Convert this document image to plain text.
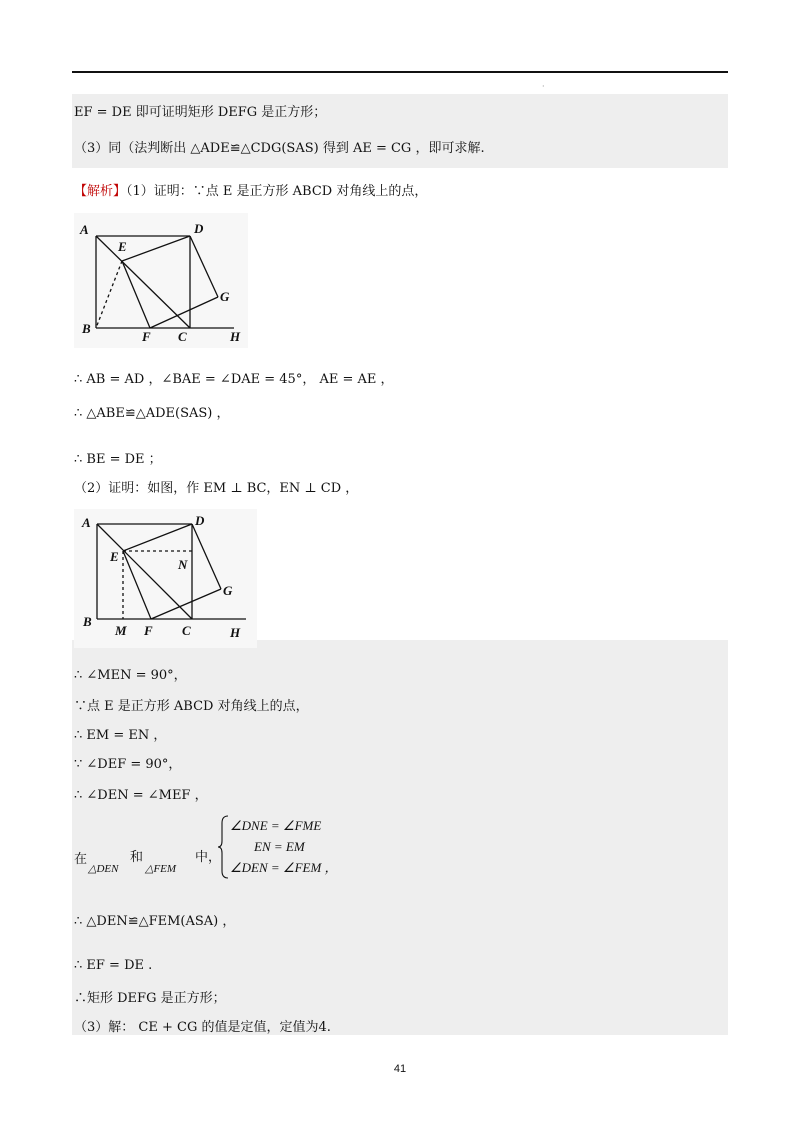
·
EF = DE 即可证明矩形 DEFG 是正方形；
（3）同（法判断出 △ADE≌△CDG(SAS) 得到 AE = CG ，即可求解.
【解析】（1）证明：∵点 E 是正方形 ABCD 对角线上的点，
A
E
D
G
B
F C	H
∴ AB = AD ，∠BAE = ∠DAE = 45°， AE = AE ，
∴ △ABE≌△ADE(SAS) ，
∴ BE = DE ；
（2）证明：如图，作 EM ⊥ BC，EN ⊥ CD ，
A	D
E
N
G
B
M F C	H
∴ ∠MEN = 90°，
∵点 E 是正方形 ABCD 对角线上的点，
∴ EM = EN ，
∵ ∠DEF = 90°，
∴ ∠DEN = ∠MEF ，
在
△DEN
和
△FEM
中，
∠DNE = ∠FME
EN = EM
∠DEN = ∠FEM ，
∴ △DEN≌△FEM(ASA) ，
∴ EF = DE .
∴矩形 DEFG 是正方形；
（3）解： CE + CG 的值是定值，定值为4.
41
